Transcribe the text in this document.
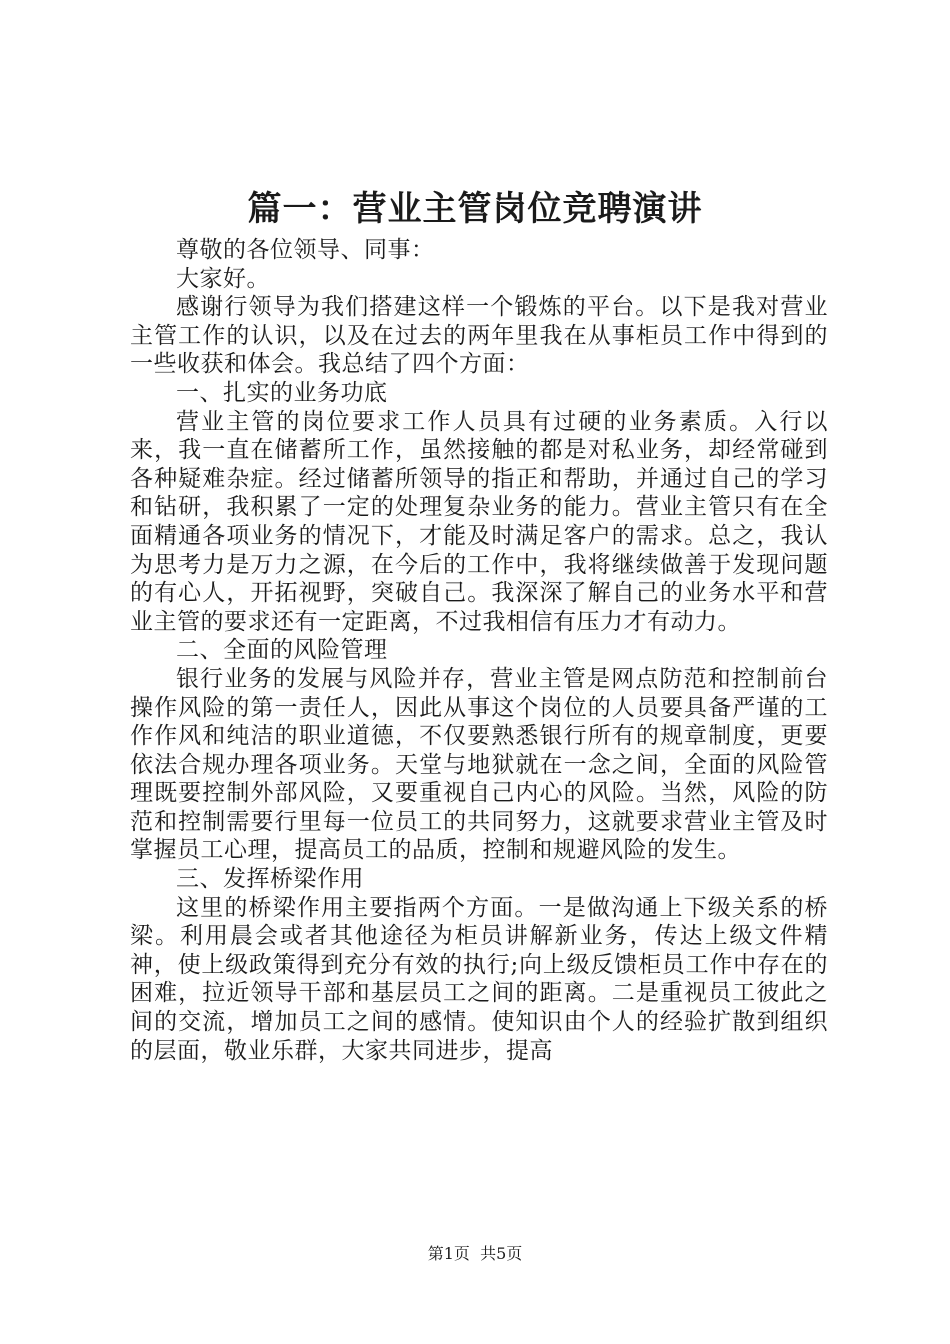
篇一：营业主管岗位竞聘演讲

尊敬的各位领导、同事：

大家好。

感谢行领导为我们搭建这样一个锻炼的平台。以下是我对营业主管工作的认识，以及在过去的两年里我在从事柜员工作中得到的一些收获和体会。我总结了四个方面：

一、扎实的业务功底

营业主管的岗位要求工作人员具有过硬的业务素质。入行以来，我一直在储蓄所工作，虽然接触的都是对私业务，却经常碰到各种疑难杂症。经过储蓄所领导的指正和帮助，并通过自己的学习和钻研，我积累了一定的处理复杂业务的能力。营业主管只有在全面精通各项业务的情况下，才能及时满足客户的需求。总之，我认为思考力是万力之源，在今后的工作中，我将继续做善于发现问题的有心人，开拓视野，突破自己。我深深了解自己的业务水平和营业主管的要求还有一定距离，不过我相信有压力才有动力。

二、全面的风险管理

银行业务的发展与风险并存，营业主管是网点防范和控制前台操作风险的第一责任人，因此从事这个岗位的人员要具备严谨的工作作风和纯洁的职业道德，不仅要熟悉银行所有的规章制度，更要依法合规办理各项业务。天堂与地狱就在一念之间，全面的风险管理既要控制外部风险，又要重视自己内心的风险。当然，风险的防范和控制需要行里每一位员工的共同努力，这就要求营业主管及时掌握员工心理，提高员工的品质，控制和规避风险的发生。

三、发挥桥梁作用

这里的桥梁作用主要指两个方面。一是做沟通上下级关系的桥梁。利用晨会或者其他途径为柜员讲解新业务，传达上级文件精神，使上级政策得到充分有效的执行;向上级反馈柜员工作中存在的困难，拉近领导干部和基层员工之间的距离。二是重视员工彼此之间的交流，增加员工之间的感情。使知识由个人的经验扩散到组织的层面，敬业乐群，大家共同进步，提高

第1页 共5页
